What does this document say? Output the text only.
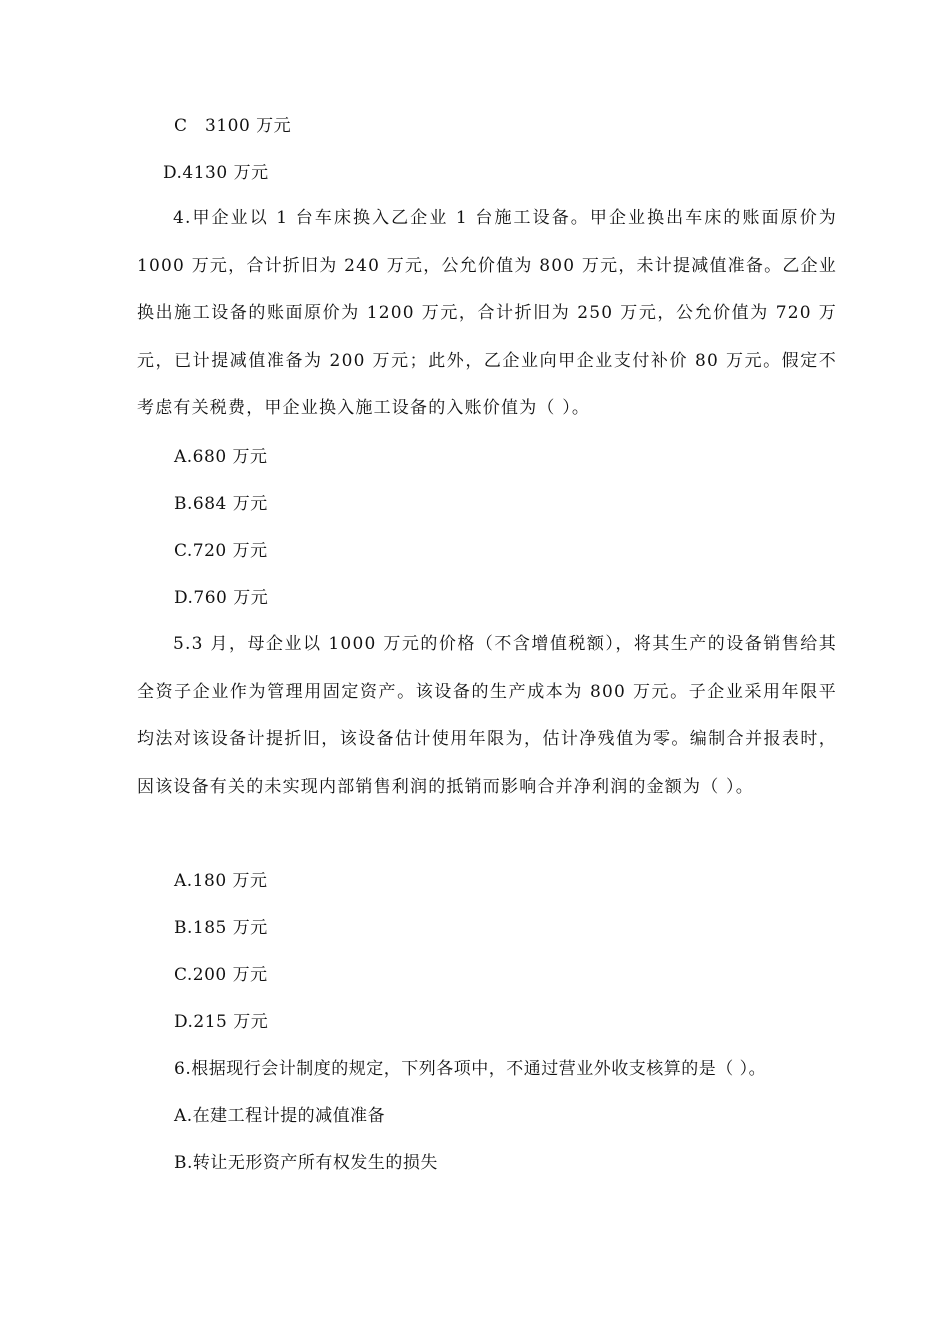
C　3100 万元
D.4130 万元
4.甲企业以 1 台车床换入乙企业 1 台施工设备。甲企业换出车床的账面原价为 1000 万元，合计折旧为 240 万元，公允价值为 800 万元，未计提减值准备。乙企业换出施工设备的账面原价为 1200 万元，合计折旧为 250 万元，公允价值为 720 万元，已计提减值准备为 200 万元；此外，乙企业向甲企业支付补价 80 万元。假定不考虑有关税费，甲企业换入施工设备的入账价值为（ ）。
A.680 万元
B.684 万元
C.720 万元
D.760 万元
5.3 月，母企业以 1000 万元的价格（不含增值税额），将其生产的设备销售给其全资子企业作为管理用固定资产。该设备的生产成本为 800 万元。子企业采用年限平均法对该设备计提折旧，该设备估计使用年限为，估计净残值为零。编制合并报表时，因该设备有关的未实现内部销售利润的抵销而影响合并净利润的金额为（ ）。
A.180 万元
B.185 万元
C.200 万元
D.215 万元
6.根据现行会计制度的规定，下列各项中，不通过营业外收支核算的是（ ）。
A.在建工程计提的减值准备
B.转让无形资产所有权发生的损失
